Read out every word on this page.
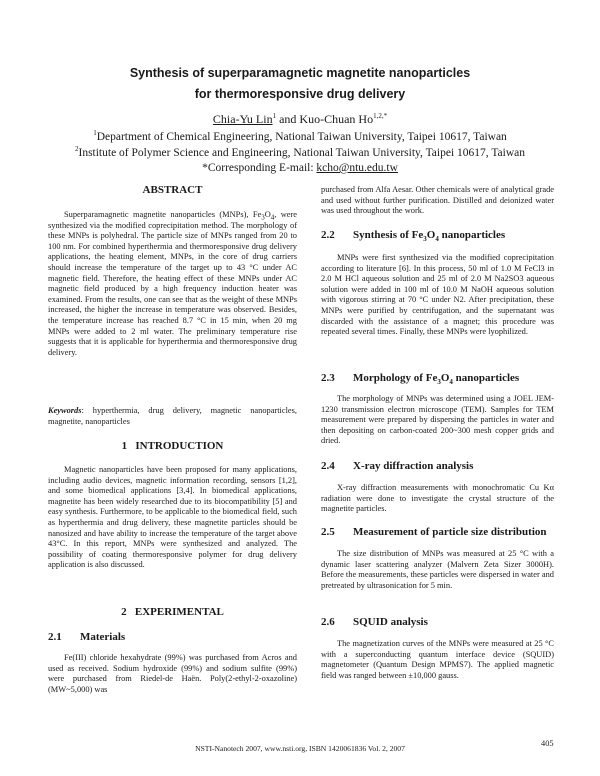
Synthesis of superparamagnetic magnetite nanoparticles
for thermoresponsive drug delivery
Chia-Yu Lin$^1$ and Kuo-Chuan $Ho^{1,2,*}$
$^1$Department of Chemical Engineering, National Taiwan University, Taipei 10617, Taiwan
$^2$Institute of Polymer Science and Engineering, National Taiwan University, Taipei 10617, Taiwan
*Corresponding E-mail: kcho@ntu.edu.tw
ABSTRACT

Superparamagnetic magnetite nanoparticles (MNPs), $Fe_3O_4$, were synthesized via the modified coprecipitation method. The morphology of these MNPs is polyhedral. The particle size of MNPs ranged from 20 to 100 nm. For combined hyperthermia and thermoresponsive drug delivery applications, the heating element, MNPs, in the core of drug carriers should increase the temperature of the target up to 43 °C under AC magnetic field. Therefore, the heating effect of these MNPs under AC magnetic field produced by a high frequency induction heater was examined. From the results, one can see that as the weight of these MNPs increased, the higher the increase in temperature was observed. Besides, the temperature increase has reached 8.7 °C in 15 min, when 20 mg MNPs were added to 2 ml water. The preliminary temperature rise suggests that it is applicable for hyperthermia and thermoresponsive drug delivery.

Keywords: hyperthermia, drug delivery, magnetic nanoparticles, magnetite, nanoparticles

1 INTRODUCTION

Magnetic nanoparticles have been proposed for many applications, including audio devices, magnetic information recording, sensors [1,2], and some biomedical applications [3,4]. In biomedical applications, magnetite has been widely researched due to its biocompatibility [5] and easy synthesis. Furthermore, to be applicable to the biomedical field, such as hyperthermia and drug delivery, these magnetite particles should be nanosized and have ability to increase the temperature of the target above 43°C. In this report, MNPs were synthesized and analyzed. The possibility of coating thermoresponsive polymer for drug delivery application is also discussed.

2 EXPERIMENTAL
2.1 Materials

Fe(III) chloride hexahydrate (99%) was purchased from Acros and used as received. Sodium hydroxide (99%) and sodium sulfite (99%) were purchased from Riedel-de Haën. Poly(2-ethyl-2-oxazoline) (MW~5,000) was

purchased from Alfa Aesar. Other chemicals were of analytical grade and used without further purification. Distilled and deionized water was used throughout the work.

2.2 Synthesis of $Fe_3O_4$ nanoparticles

MNPs were first synthesized via the modified coprecipitation according to literature [6]. In this process, 50 ml of 1.0 M FeCl3 in 2.0 M HCl aqueous solution and 25 ml of 2.0 M Na2SO3 aqueous solution were added in 100 ml of 10.0 M NaOH aqueous solution with vigorous stirring at 70 °C under N2. After precipitation, these MNPs were purified by centrifugation, and the supernatant was discarded with the assistance of a magnet; this procedure was repeated several times. Finally, these MNPs were lyophilized.

2.3 Morphology of $Fe_3O_4$ nanoparticles

The morphology of MNPs was determined using a JOEL JEM-1230 transmission electron microscope (TEM). Samples for TEM measurement were prepared by dispersing the particles in water and then depositing on carbon-coated 200~300 mesh copper grids and dried.

2.4 X-ray diffraction analysis

X-ray diffraction measurements with monochromatic Cu Kα radiation were done to investigate the crystal structure of the magnetite particles.

2.5 Measurement of particle size distribution

The size distribution of MNPs was measured at 25 °C with a dynamic laser scattering analyzer (Malvern Zeta Sizer 3000H). Before the measurements, these particles were dispersed in water and pretreated by ultrasonication for 5 min.

2.6 SQUID analysis

The magnetization curves of the MNPs were measured at 25 °C with a superconducting quantum interface device (SQUID) magnetometer (Quantum Design MPMS7). The applied magnetic field was ranged between ±10,000 gauss.

NSTI-Nanotech 2007, www.nsti.org, ISBN 1420061836 Vol. 2, 2007
405
